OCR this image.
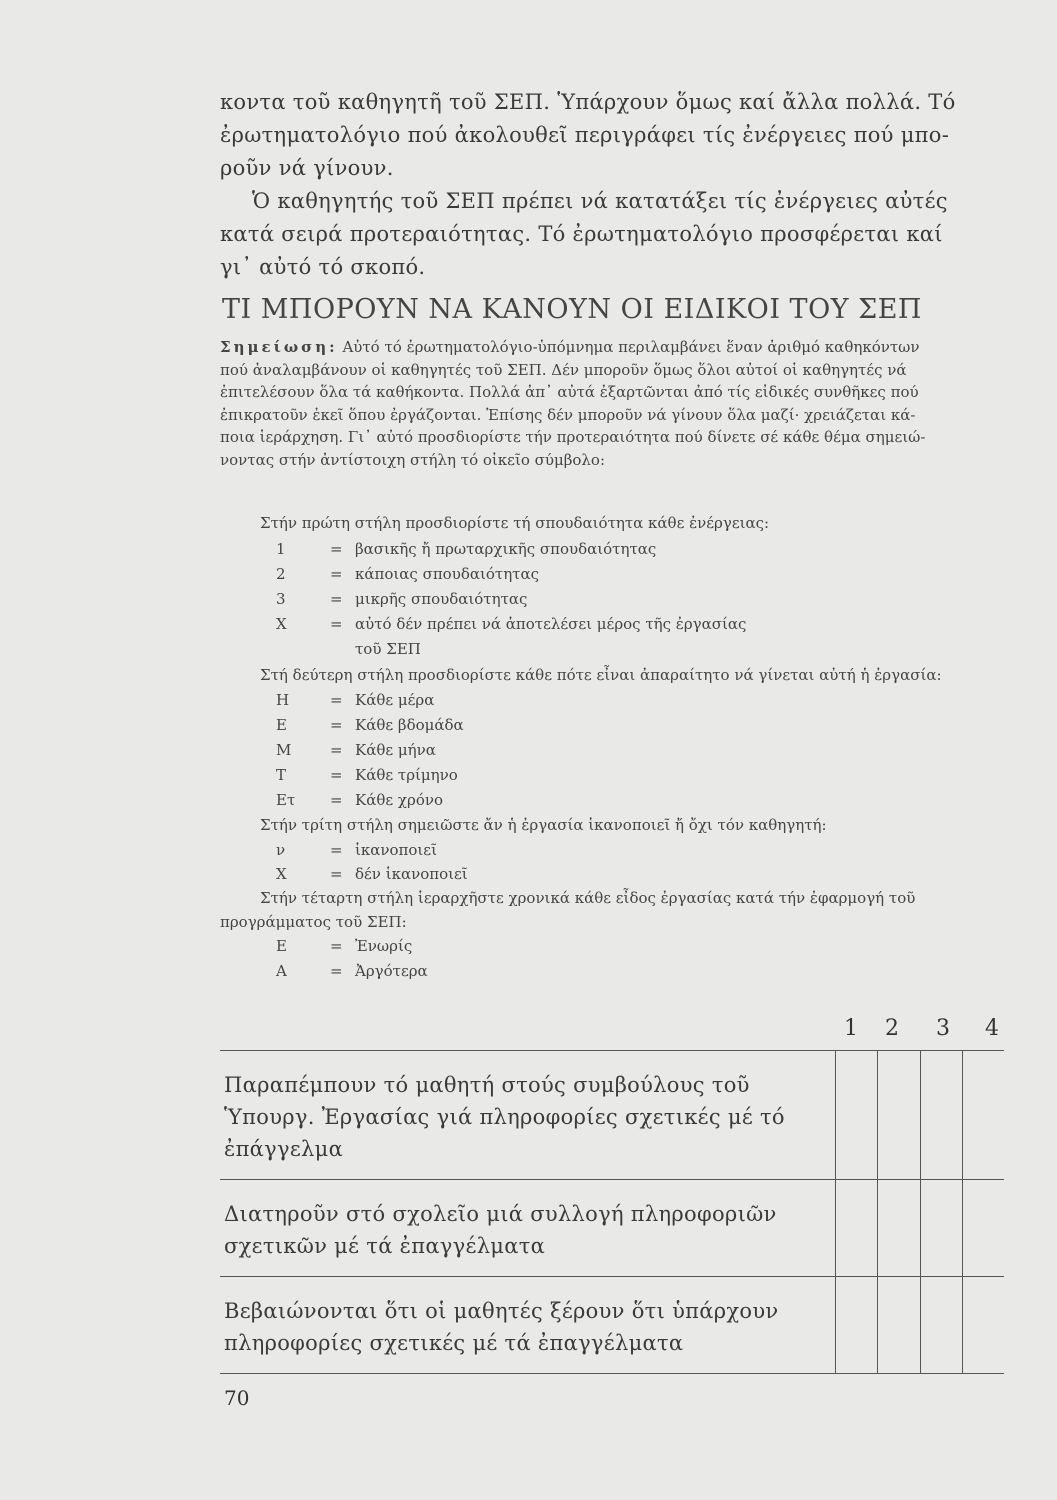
κοντα τοῦ καθηγητῆ τοῦ ΣΕΠ. Ὑπάρχουν ὅμως καί ἄλλα πολλά. Τό
ἐρωτηματολόγιο πού ἀκολουθεῖ περιγράφει τίς ἐνέργειες πού μπο-
ροῦν νά γίνουν.
Ὁ καθηγητής τοῦ ΣΕΠ πρέπει νά κατατάξει τίς ἐνέργειες αὐτές
κατά σειρά προτεραιότητας. Τό ἐρωτηματολόγιο προσφέρεται καί
γι᾽ αὐτό τό σκοπό.
ΤΙ ΜΠΟΡΟΥΝ ΝΑ ΚΑΝΟΥΝ ΟΙ ΕΙΔΙΚΟΙ ΤΟΥ ΣΕΠ
Σημείωση: Αὐτό τό ἐρωτηματολόγιο-ὑπόμνημα περιλαμβάνει ἕναν ἀριθμό καθηκόντων
πού ἀναλαμβάνουν οἱ καθηγητές τοῦ ΣΕΠ. Δέν μποροῦν ὅμως ὅλοι αὐτοί οἱ καθηγητές νά
ἐπιτελέσουν ὅλα τά καθήκοντα. Πολλά ἀπ᾽ αὐτά ἐξαρτῶνται ἀπό τίς εἰδικές συνθῆκες πού
ἐπικρατοῦν ἐκεῖ ὅπου ἐργάζονται. Ἐπίσης δέν μποροῦν νά γίνουν ὅλα μαζί· χρειάζεται κά-
ποια ἱεράρχηση. Γι᾽ αὐτό προσδιορίστε τήν προτεραιότητα πού δίνετε σέ κάθε θέμα σημειώ-
νοντας στήν ἀντίστοιχη στήλη τό οἰκεῖο σύμβολο:
Στήν πρώτη στήλη προσδιορίστε τή σπουδαιότητα κάθε ἐνέργειας:
1	= βασικῆς ἤ πρωταρχικῆς σπουδαιότητας
2	= κάποιας σπουδαιότητας
3	= μικρῆς σπουδαιότητας
X	= αὐτό δέν πρέπει νά ἀποτελέσει μέρος τῆς ἐργασίας
τοῦ ΣΕΠ
Στή δεύτερη στήλη προσδιορίστε κάθε πότε εἶναι ἀπαραίτητο νά γίνεται αὐτή ἡ ἐργασία:
Η	= Κάθε μέρα
Ε	= Κάθε βδομάδα
Μ	= Κάθε μήνα
Τ	= Κάθε τρίμηνο
Ετ	= Κάθε χρόνο
Στήν τρίτη στήλη σημειῶστε ἄν ἡ ἐργασία ἱκανοποιεῖ ἤ ὄχι τόν καθηγητή:
ν	= ἱκανοποιεῖ
X	= δέν ἱκανοποιεῖ
Στήν τέταρτη στήλη ἱεραρχῆστε χρονικά κάθε εἶδος ἐργασίας κατά τήν ἐφαρμογή τοῦ
προγράμματος τοῦ ΣΕΠ:
Ε	= Ἐνωρίς
Α	= Ἀργότερα
1	2	3	4
Παραπέμπουν τό μαθητή στούς συμβούλους τοῦ
Ὑπουργ. Ἐργασίας γιά πληροφορίες σχετικές μέ τό
ἐπάγγελμα				

Διατηροῦν στό σχολεῖο μιά συλλογή πληροφοριῶν
σχετικῶν μέ τά ἐπαγγέλματα				

Βεβαιώνονται ὅτι οἱ μαθητές ξέρουν ὅτι ὑπάρχουν
πληροφορίες σχετικές μέ τά ἐπαγγέλματα				

70
